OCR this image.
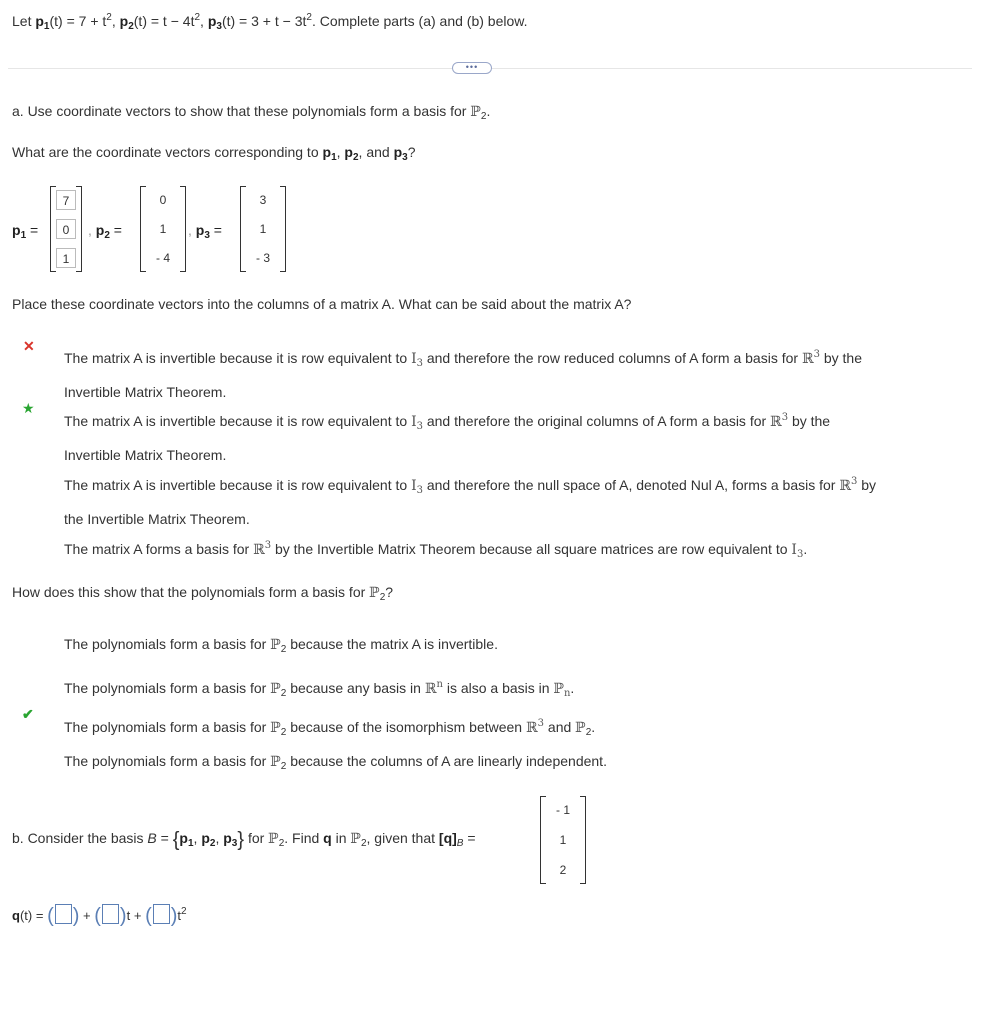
Let $p_1(t) = 7 + t^2$, $p_2(t) = t - 4t^2$, $p_3(t) = 3 + t - 3t^2$. Complete parts (a) and (b) below.
•••
a. Use coordinate vectors to show that these polynomials form a basis for ℙ$_2$.
What are the coordinate vectors corresponding to $p_1$, $p_2$, and $p_3$?
$p_1$ =
7
0
1
, $p_2$ =
0
1
- 4
, $p_3$ =
3
1
- 3
Place these coordinate vectors into the columns of a matrix A. What can be said about the matrix A?
✕
The matrix A is invertible because it is row equivalent to $I_3$ and therefore the row reduced columns of A form a basis for ℝ$^3$ by the
Invertible Matrix Theorem.
★
The matrix A is invertible because it is row equivalent to $I_3$ and therefore the original columns of A form a basis for ℝ$^3$ by the
Invertible Matrix Theorem.
The matrix A is invertible because it is row equivalent to $I_3$ and therefore the null space of A, denoted Nul A, forms a basis for ℝ$^3$ by
the Invertible Matrix Theorem.
The matrix A forms a basis for ℝ$^3$ by the Invertible Matrix Theorem because all square matrices are row equivalent to $I_3$.
How does this show that the polynomials form a basis for ℙ$_2$?
The polynomials form a basis for ℙ$_2$ because the matrix A is invertible.
The polynomials form a basis for ℙ$_2$ because any basis in ℝ$^n$ is also a basis in ℙ$_n$.
✔
The polynomials form a basis for ℙ$_2$ because of the isomorphism between ℝ$^3$ and ℙ$_2$.
The polynomials form a basis for ℙ$_2$ because the columns of A are linearly independent.
b. Consider the basis $B = \{p_1$, $p_2$, $p_3$} for ℙ$_2$. Find q in ℙ$_2$, given that $[q]_B$ =
- 1
1
2
q(t) = ( ) + ( )t + ( )$t^2$
